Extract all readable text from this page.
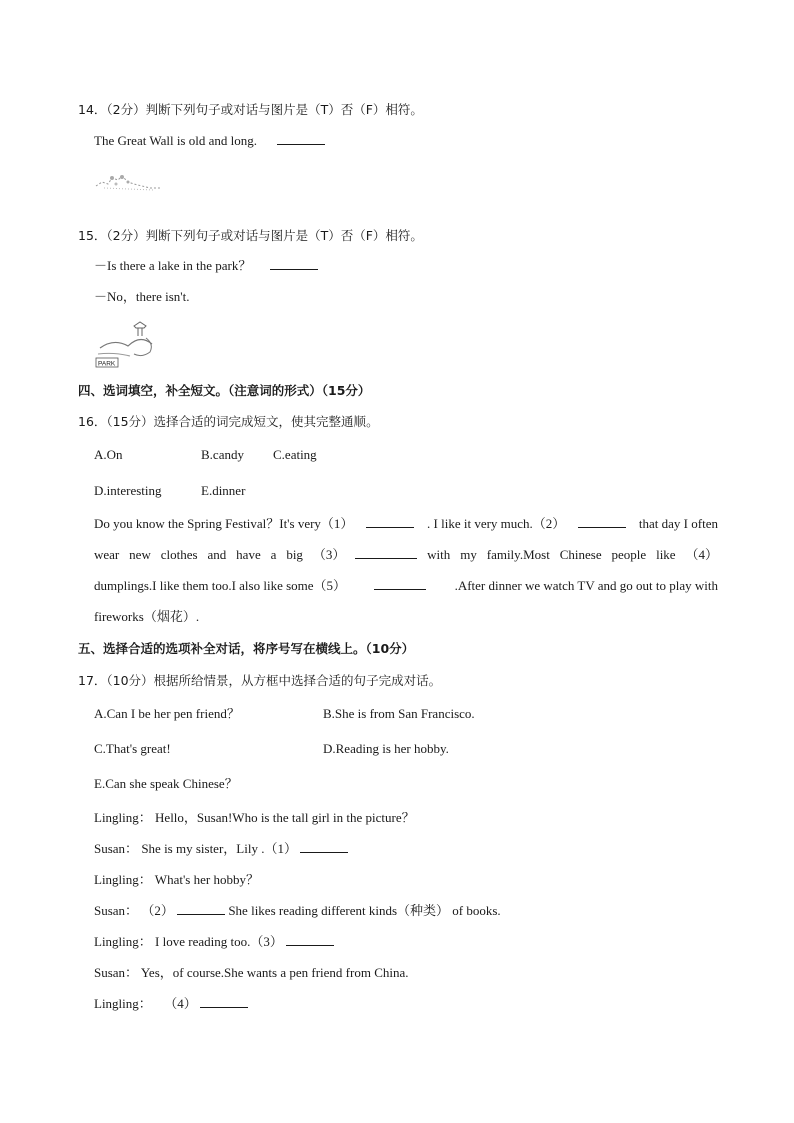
14．（2分）判断下列句子或对话与图片是（T）否（F）相符。
The Great Wall is old and long.
15．（2分）判断下列句子或对话与图片是（T）否（F）相符。
－Is there a lake in the park？
－No，there isn't.
PARK
四、选词填空，补全短文。（注意词的形式）（15分）
16．（15分）选择合适的词完成短文，使其完整通顺。
A.On	B.candy C.eating
D.interesting	E.dinner
Do you know the Spring Festival？It's very（1）	. I like it very much.（2）	that day I often
wear new clothes and have a big （3）	with my family.Most Chinese people like （4）
dumplings.I like them too.I also like some（5）	.After dinner we watch TV and go out to play with
fireworks（烟花）.
五、选择合适的选项补全对话，将序号写在横线上。（10分）
17．（10分）根据所给情景，从方框中选择合适的句子完成对话。
A.Can I be her pen friend？	B.She is from San Francisco.
C.That's great!	D.Reading is her hobby.
E.Can she speak Chinese？
Lingling： Hello，Susan!Who is the tall girl in the picture？
Susan： She is my sister，Lily .（1）
Lingling： What's her hobby？
Susan： （2）	She likes reading different kinds（种类） of books.
Lingling： I love reading too.（3）
Susan： Yes，of course.She wants a pen friend from China.
Lingling： （4）
